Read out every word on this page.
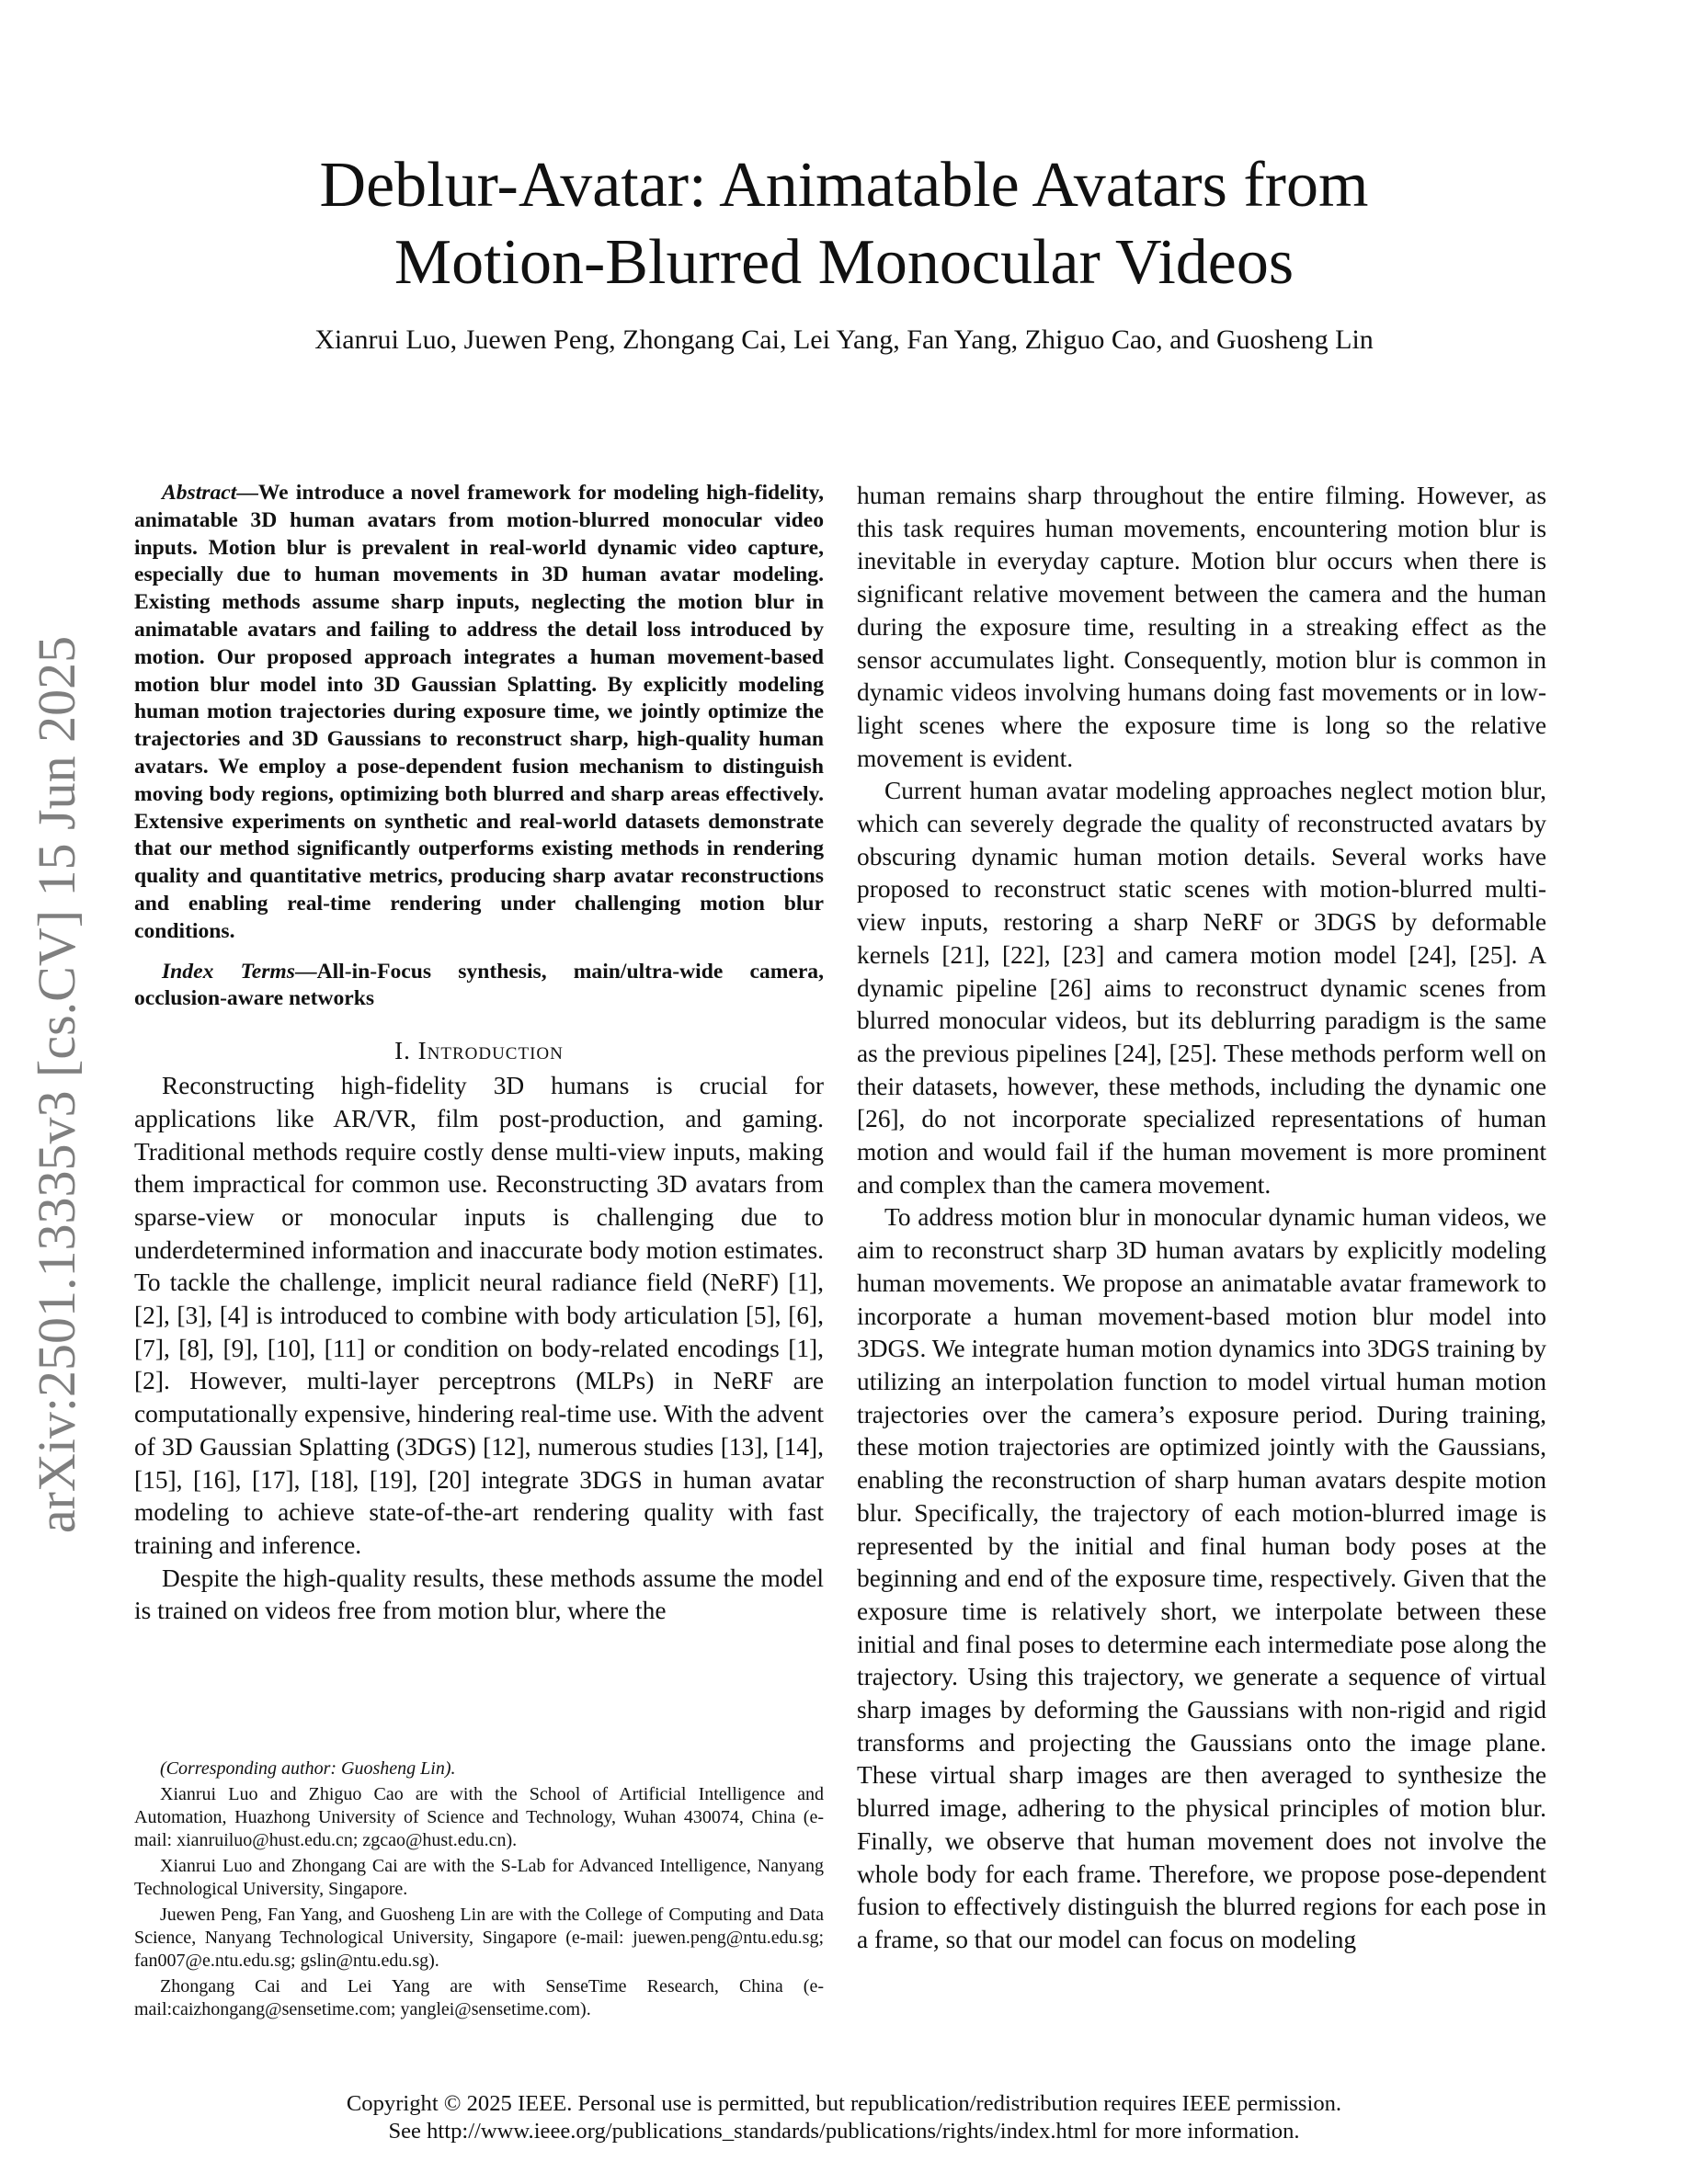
Deblur-Avatar: Animatable Avatars from
Motion-Blurred Monocular Videos
Xianrui Luo, Juewen Peng, Zhongang Cai, Lei Yang, Fan Yang, Zhiguo Cao, and Guosheng Lin
arXiv:2501.13335v3 [cs.CV] 15 Jun 2025

Abstract—We introduce a novel framework for modeling high-fidelity, animatable 3D human avatars from motion-blurred monocular video inputs. Motion blur is prevalent in real-world dynamic video capture, especially due to human movements in 3D human avatar modeling. Existing methods assume sharp inputs, neglecting the motion blur in animatable avatars and failing to address the detail loss introduced by motion. Our proposed approach integrates a human movement-based motion blur model into 3D Gaussian Splatting. By explicitly modeling human motion trajectories during exposure time, we jointly optimize the trajectories and 3D Gaussians to reconstruct sharp, high-quality human avatars. We employ a pose-dependent fusion mechanism to distinguish moving body regions, optimizing both blurred and sharp areas effectively. Extensive experiments on synthetic and real-world datasets demonstrate that our method significantly outperforms existing methods in rendering quality and quantitative metrics, producing sharp avatar reconstructions and enabling real-time rendering under challenging motion blur conditions.

Index Terms—All-in-Focus synthesis, main/ultra-wide camera, occlusion-aware networks

I. Introduction

Reconstructing high-fidelity 3D humans is crucial for applications like AR/VR, film post-production, and gaming. Traditional methods require costly dense multi-view inputs, making them impractical for common use. Reconstructing 3D avatars from sparse-view or monocular inputs is challenging due to underdetermined information and inaccurate body motion estimates. To tackle the challenge, implicit neural radiance field (NeRF) [1], [2], [3], [4] is introduced to combine with body articulation [5], [6], [7], [8], [9], [10], [11] or condition on body-related encodings [1], [2]. However, multi-layer perceptrons (MLPs) in NeRF are computationally expensive, hindering real-time use. With the advent of 3D Gaussian Splatting (3DGS) [12], numerous studies [13], [14], [15], [16], [17], [18], [19], [20] integrate 3DGS in human avatar modeling to achieve state-of-the-art rendering quality with fast training and inference.

Despite the high-quality results, these methods assume the model is trained on videos free from motion blur, where the

(Corresponding author: Guosheng Lin).

Xianrui Luo and Zhiguo Cao are with the School of Artificial Intelligence and Automation, Huazhong University of Science and Technology, Wuhan 430074, China (e-mail: xianruiluo@hust.edu.cn; zgcao@hust.edu.cn).

Xianrui Luo and Zhongang Cai are with the S-Lab for Advanced Intelligence, Nanyang Technological University, Singapore.

Juewen Peng, Fan Yang, and Guosheng Lin are with the College of Computing and Data Science, Nanyang Technological University, Singapore (e-mail: juewen.peng@ntu.edu.sg; fan007@e.ntu.edu.sg; gslin@ntu.edu.sg).

Zhongang Cai and Lei Yang are with SenseTime Research, China (e-mail:caizhongang@sensetime.com; yanglei@sensetime.com).

human remains sharp throughout the entire filming. However, as this task requires human movements, encountering motion blur is inevitable in everyday capture. Motion blur occurs when there is significant relative movement between the camera and the human during the exposure time, resulting in a streaking effect as the sensor accumulates light. Consequently, motion blur is common in dynamic videos involving humans doing fast movements or in low-light scenes where the exposure time is long so the relative movement is evident.

Current human avatar modeling approaches neglect motion blur, which can severely degrade the quality of reconstructed avatars by obscuring dynamic human motion details. Several works have proposed to reconstruct static scenes with motion-blurred multi-view inputs, restoring a sharp NeRF or 3DGS by deformable kernels [21], [22], [23] and camera motion model [24], [25]. A dynamic pipeline [26] aims to reconstruct dynamic scenes from blurred monocular videos, but its deblurring paradigm is the same as the previous pipelines [24], [25]. These methods perform well on their datasets, however, these methods, including the dynamic one [26], do not incorporate specialized representations of human motion and would fail if the human movement is more prominent and complex than the camera movement.

To address motion blur in monocular dynamic human videos, we aim to reconstruct sharp 3D human avatars by explicitly modeling human movements. We propose an animatable avatar framework to incorporate a human movement-based motion blur model into 3DGS. We integrate human motion dynamics into 3DGS training by utilizing an interpolation function to model virtual human motion trajectories over the camera’s exposure period. During training, these motion trajectories are optimized jointly with the Gaussians, enabling the reconstruction of sharp human avatars despite motion blur. Specifically, the trajectory of each motion-blurred image is represented by the initial and final human body poses at the beginning and end of the exposure time, respectively. Given that the exposure time is relatively short, we interpolate between these initial and final poses to determine each intermediate pose along the trajectory. Using this trajectory, we generate a sequence of virtual sharp images by deforming the Gaussians with non-rigid and rigid transforms and projecting the Gaussians onto the image plane. These virtual sharp images are then averaged to synthesize the blurred image, adhering to the physical principles of motion blur. Finally, we observe that human movement does not involve the whole body for each frame. Therefore, we propose pose-dependent fusion to effectively distinguish the blurred regions for each pose in a frame, so that our model can focus on modeling

Copyright © 2025 IEEE. Personal use is permitted, but republication/redistribution requires IEEE permission.
See http://www.ieee.org/publications_standards/publications/rights/index.html for more information.
